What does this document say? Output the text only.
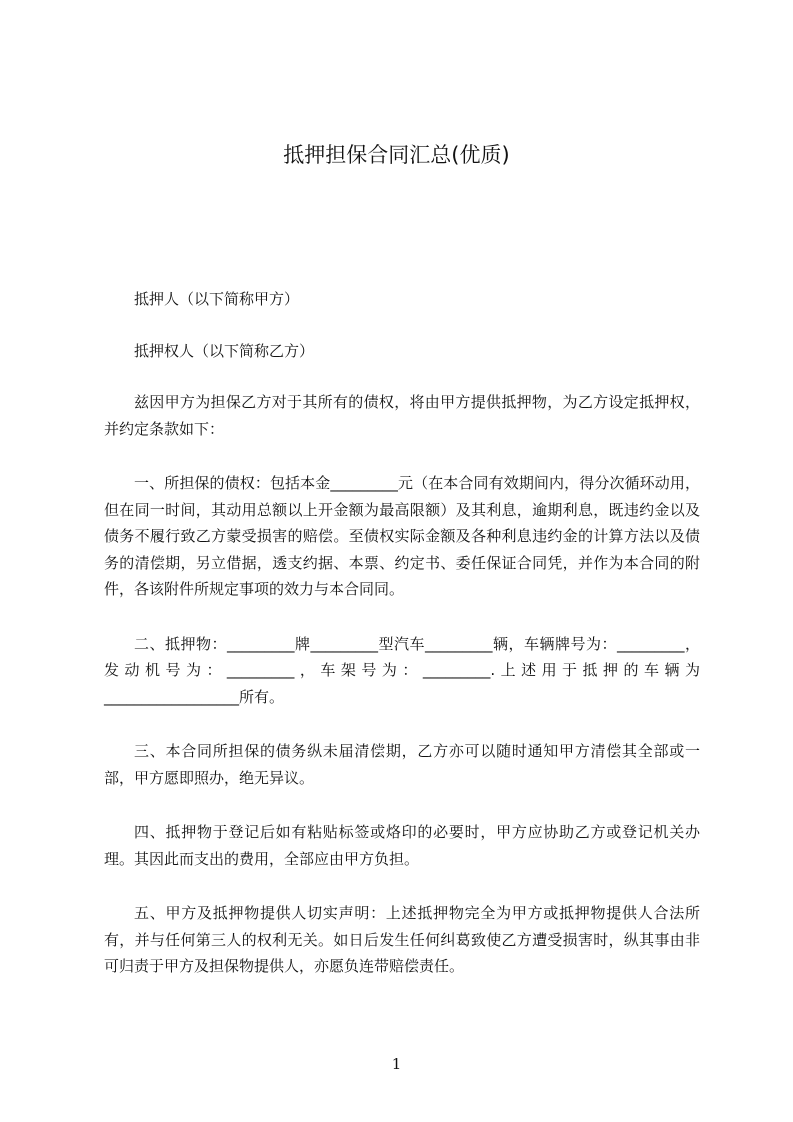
抵押担保合同汇总(优质)

抵押人（以下简称甲方）

抵押权人（以下简称乙方）

兹因甲方为担保乙方对于其所有的债权，将由甲方提供抵押物，为乙方设定抵押权，并约定条款如下：

一、所担保的债权：包括本金_________元（在本合同有效期间内，得分次循环动用，但在同一时间，其动用总额以上开金额为最高限额）及其利息，逾期利息，既违约金以及债务不履行致乙方蒙受损害的赔偿。至债权实际金额及各种利息违约金的计算方法以及债务的清偿期，另立借据，透支约据、本票、约定书、委任保证合同凭，并作为本合同的附件，各该附件所规定事项的效力与本合同同。

二、抵押物：_________牌_________型汽车_________辆，车辆牌号为：_________，发动机号为：_________，车架号为：_________.上述用于抵押的车辆为__________________所有。

三、本合同所担保的债务纵未届清偿期，乙方亦可以随时通知甲方清偿其全部或一部，甲方愿即照办，绝无异议。

四、抵押物于登记后如有粘贴标签或烙印的必要时，甲方应协助乙方或登记机关办理。其因此而支出的费用，全部应由甲方负担。

五、甲方及抵押物提供人切实声明：上述抵押物完全为甲方或抵押物提供人合法所有，并与任何第三人的权利无关。如日后发生任何纠葛致使乙方遭受损害时，纵其事由非可归责于甲方及担保物提供人，亦愿负连带赔偿责任。

1
